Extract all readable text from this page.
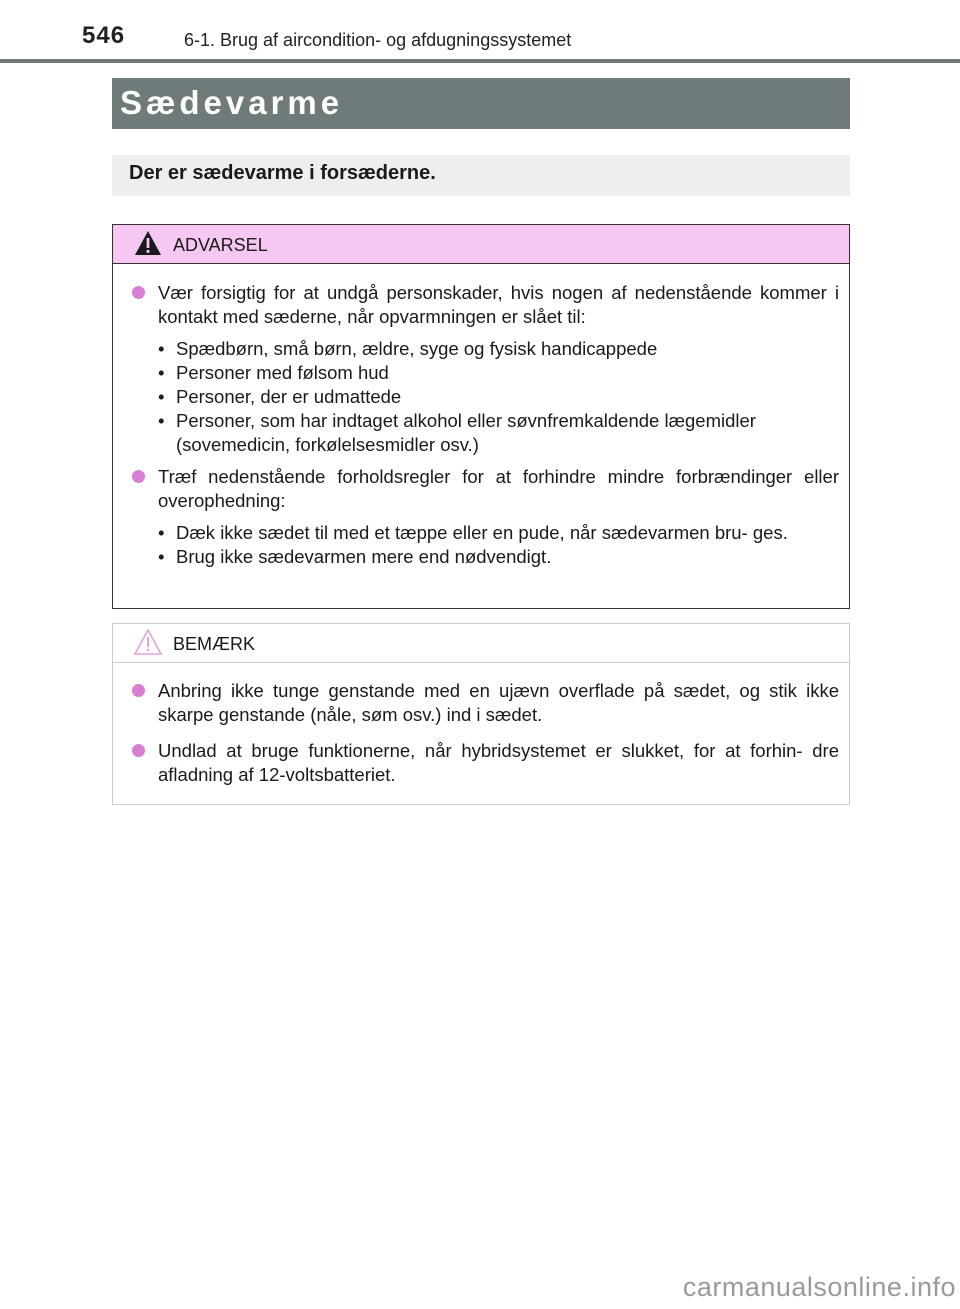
546	6-1. Brug af aircondition- og afdugningssystemet
Sædevarme
Der er sædevarme i forsæderne.
ADVARSEL
Vær forsigtig for at undgå personskader, hvis nogen af nedenstående kommer i kontakt med sæderne, når opvarmningen er slået til:
• Spædbørn, små børn, ældre, syge og fysisk handicappede
• Personer med følsom hud
• Personer, der er udmattede
• Personer, som har indtaget alkohol eller søvnfremkaldende lægemidler (sovemedicin, forkølelsesmidler osv.)
Træf nedenstående forholdsregler for at forhindre mindre forbrændinger eller overophedning:
• Dæk ikke sædet til med et tæppe eller en pude, når sædevarmen bru- ges.
• Brug ikke sædevarmen mere end nødvendigt.
BEMÆRK
Anbring ikke tunge genstande med en ujævn overflade på sædet, og stik ikke skarpe genstande (nåle, søm osv.) ind i sædet.
Undlad at bruge funktionerne, når hybridsystemet er slukket, for at forhin- dre afladning af 12-voltsbatteriet.
carmanualsonline.info
